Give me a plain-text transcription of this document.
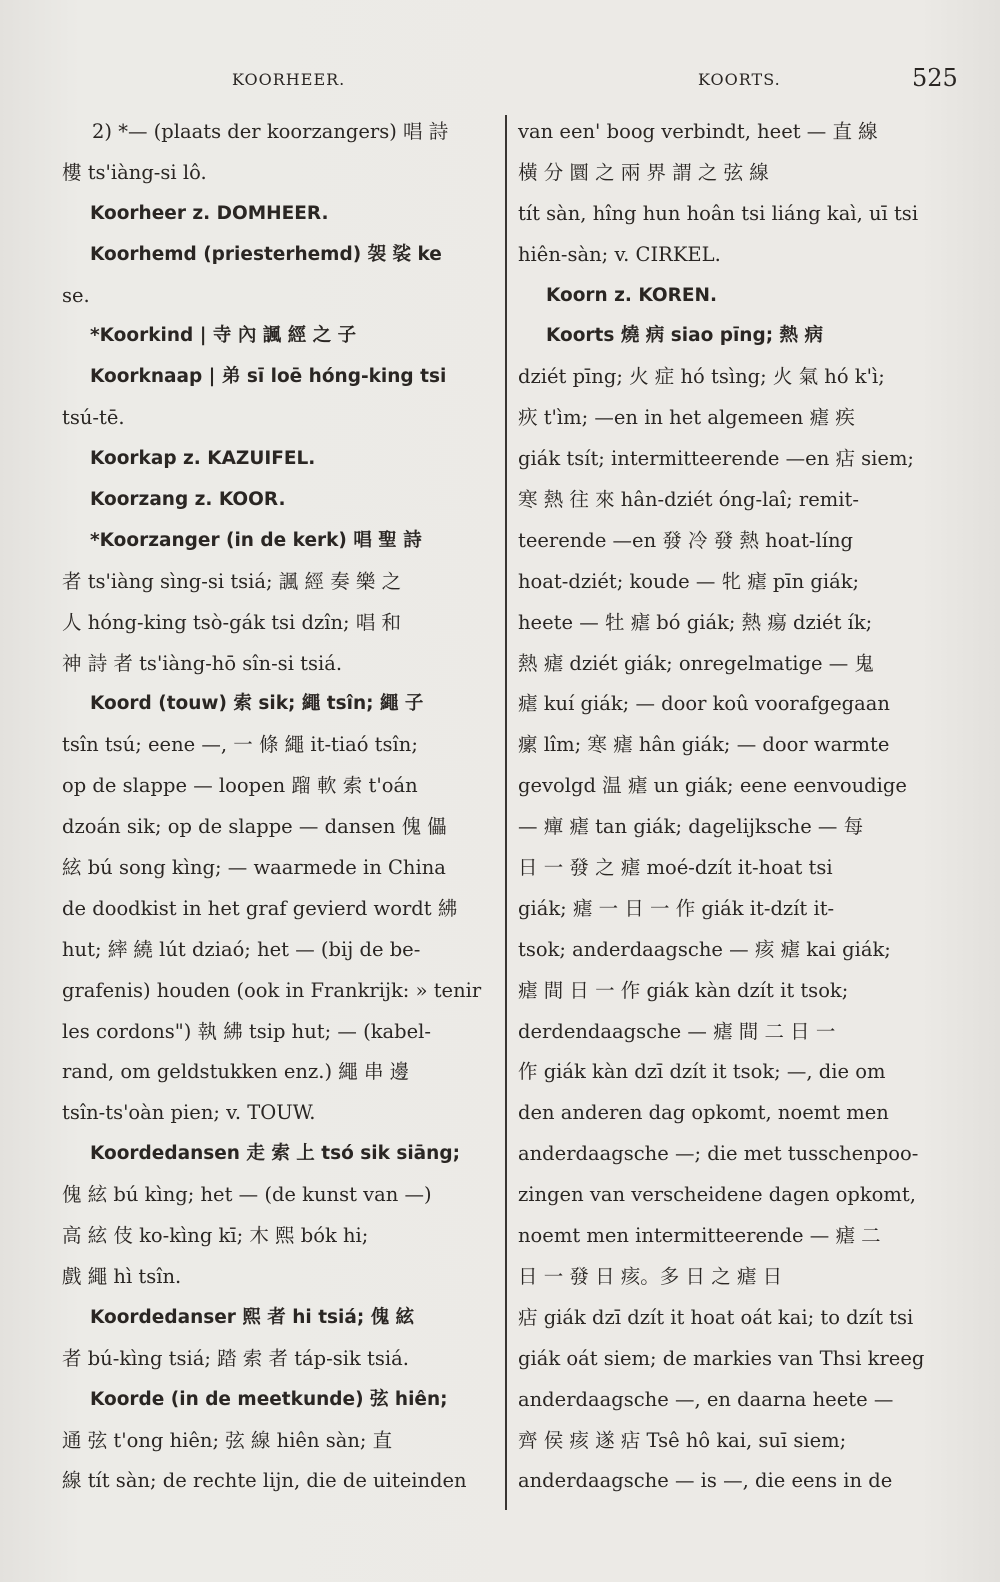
KOORHEER.	KOORTS.	525
2) *— (plaats der koorzangers) 唱 詩
樓 ts'iàng-si lô.
Koorheer z. DOMHEER.
Koorhemd (priesterhemd) 袈 裟 ke
se.
*Koorkind | 寺 內 諷 經 之 子
Koorknaap | 弟 sī loē hóng-king tsi
tsú-tē.
Koorkap z. KAZUIFEL.
Koorzang z. KOOR.
*Koorzanger (in de kerk) 唱 聖 詩
者 ts'iàng sìng-si tsiá; 諷 經 奏 樂 之
人 hóng-king tsò-gák tsi dzîn; 唱 和
神 詩 者 ts'iàng-hō sîn-si tsiá.
Koord (touw) 索 sik; 繩 tsîn; 繩 子
tsîn tsú; eene —, 一 條 繩 it-tiaó tsîn;
op de slappe — loopen 蹓 軟 索 t'oán
dzoán sik; op de slappe — dansen 傀 儡
絃 bú song kìng; — waarmede in China
de doodkist in het graf gevierd wordt 紼
hut; 繂 繞 lút dziaó; het — (bij de be-
grafenis) houden (ook in Frankrijk: » tenir
les cordons") 執 紼 tsip hut; — (kabel-
rand, om geldstukken enz.) 繩 串 邊
tsîn-ts'oàn pien; v. TOUW.
Koordedansen 走 索 上 tsó sik siāng;
傀 絃 bú kìng; het — (de kunst van —)
高 絃 伎 ko-kìng kī; 木 熙 bók hi;
戲 繩 hì tsîn.
Koordedanser 熙 者 hi tsiá; 傀 絃
者 bú-kìng tsiá; 踏 索 者 táp-sik tsiá.
Koorde (in de meetkunde) 弦 hiên;
通 弦 t'ong hiên; 弦 線 hiên sàn; 直
線 tít sàn; de rechte lijn, die de uiteinden
van een' boog verbindt, heet — 直 線
橫 分 圜 之 兩 界 謂 之 弦 線
tít sàn, hîng hun hoân tsi liáng kaì, uī tsi
hiên-sàn; v. CIRKEL.
Koorn z. KOREN.
Koorts 燒 病 siao pīng; 熱 病
dziét pīng; 火 症 hó tsìng; 火 氣 hó k'ì;
疢 t'ìm; —en in het algemeen 瘧 疾
giák tsít; intermitteerende —en 痁 siem;
寒 熱 往 來 hân-dziét óng-laî; remit-
teerende —en 發 冷 發 熱 hoat-líng
hoat-dziét; koude — 牝 瘧 pīn giák;
heete — 牡 瘧 bó giák; 熱 瘍 dziét ík;
熱 瘧 dziét giák; onregelmatige — 鬼
瘧 kuí giák; — door koû voorafgegaan
瘰 lîm; 寒 瘧 hân giák; — door warmte
gevolgd 温 瘧 un giák; eene eenvoudige
— 癉 瘧 tan giák; dagelijksche — 每
日 一 發 之 瘧 moé-dzít it-hoat tsi
giák; 瘧 一 日 一 作 giák it-dzít it-
tsok; anderdaagsche — 痎 瘧 kai giák;
瘧 間 日 一 作 giák kàn dzít it tsok;
derdendaagsche — 瘧 間 二 日 一
作 giák kàn dzī dzít it tsok; —, die om
den anderen dag opkomt, noemt men
anderdaagsche —; die met tusschenpoo-
zingen van verscheidene dagen opkomt,
noemt men intermitteerende — 瘧 二
日 一 發 日 痎。多 日 之 瘧 日
痁 giák dzī dzít it hoat oát kai; to dzít tsi
giák oát siem; de markies van Thsi kreeg
anderdaagsche —, en daarna heete —
齊 侯 痎 遂 痁 Tsê hô kai, suī siem;
anderdaagsche — is —, die eens in de
